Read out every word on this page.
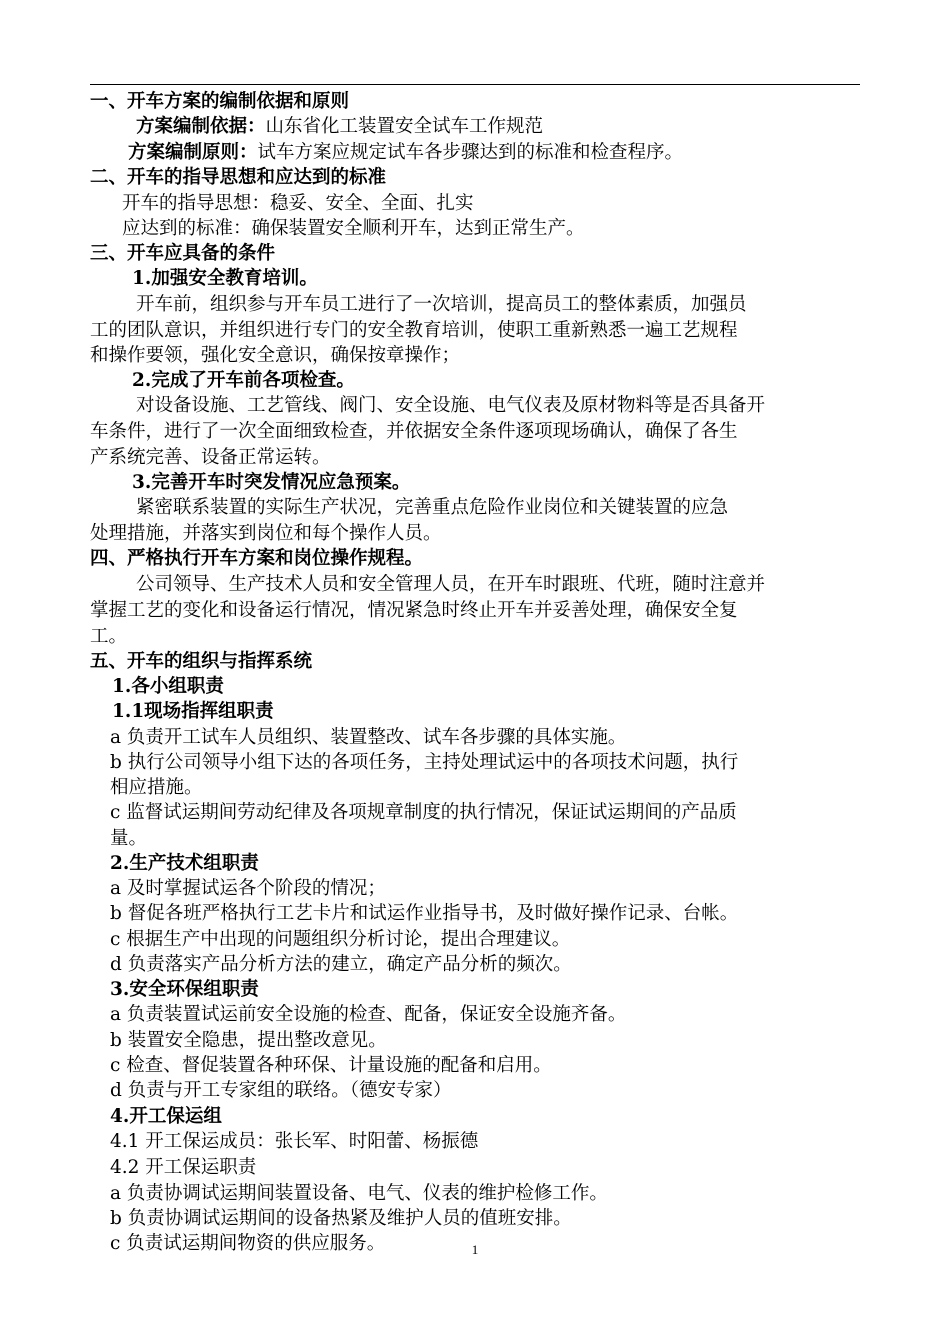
一、开车方案的编制依据和原则
方案编制依据：山东省化工装置安全试车工作规范
方案编制原则：试车方案应规定试车各步骤达到的标准和检查程序。
二、开车的指导思想和应达到的标准
开车的指导思想：稳妥、安全、全面、扎实
应达到的标准：确保装置安全顺利开车，达到正常生产。
三、开车应具备的条件
1.加强安全教育培训。
开车前，组织参与开车员工进行了一次培训，提高员工的整体素质，加强员
工的团队意识，并组织进行专门的安全教育培训，使职工重新熟悉一遍工艺规程
和操作要领，强化安全意识，确保按章操作；
2.完成了开车前各项检查。
对设备设施、工艺管线、阀门、安全设施、电气仪表及原材物料等是否具备开
车条件，进行了一次全面细致检查，并依据安全条件逐项现场确认，确保了各生
产系统完善、设备正常运转。
3.完善开车时突发情况应急预案。
紧密联系装置的实际生产状况，完善重点危险作业岗位和关键装置的应急
处理措施，并落实到岗位和每个操作人员。
四、严格执行开车方案和岗位操作规程。
公司领导、生产技术人员和安全管理人员，在开车时跟班、代班，随时注意并
掌握工艺的变化和设备运行情况，情况紧急时终止开车并妥善处理，确保安全复
工。
五、开车的组织与指挥系统
1.各小组职责
1.1现场指挥组职责
a 负责开工试车人员组织、装置整改、试车各步骤的具体实施。
b 执行公司领导小组下达的各项任务，主持处理试运中的各项技术问题，执行
相应措施。
c 监督试运期间劳动纪律及各项规章制度的执行情况，保证试运期间的产品质
量。
2.生产技术组职责
a 及时掌握试运各个阶段的情况；
b 督促各班严格执行工艺卡片和试运作业指导书，及时做好操作记录、台帐。
c 根据生产中出现的问题组织分析讨论，提出合理建议。
d 负责落实产品分析方法的建立，确定产品分析的频次。
3.安全环保组职责
a 负责装置试运前安全设施的检查、配备，保证安全设施齐备。
b 装置安全隐患，提出整改意见。
c 检查、督促装置各种环保、计量设施的配备和启用。
d 负责与开工专家组的联络。（德安专家）
4.开工保运组
4.1 开工保运成员：张长军、时阳蕾、杨振德
4.2 开工保运职责
a 负责协调试运期间装置设备、电气、仪表的维护检修工作。
b 负责协调试运期间的设备热紧及维护人员的值班安排。
c 负责试运期间物资的供应服务。	1
